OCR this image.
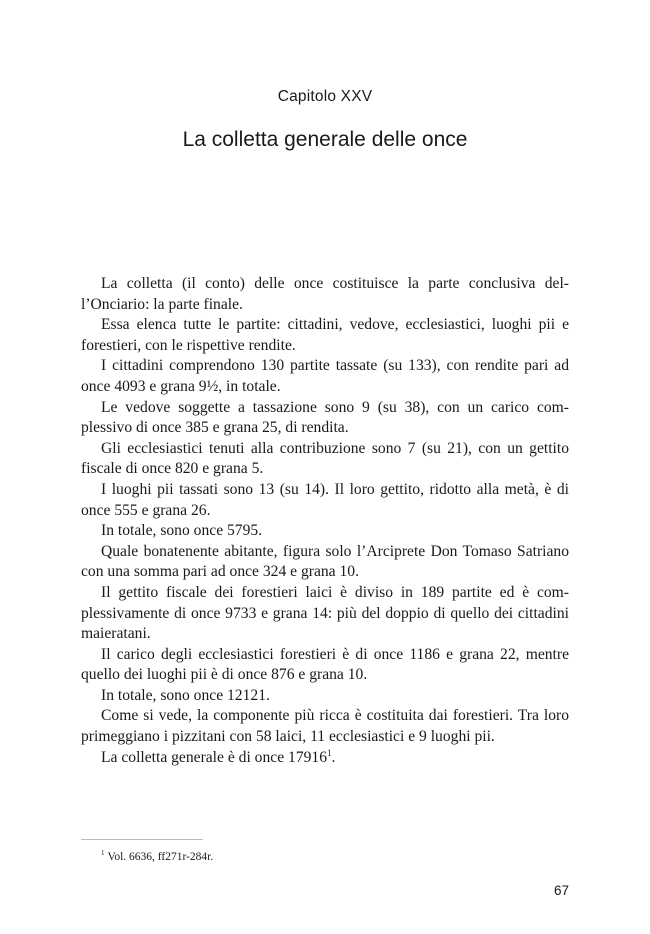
Capitolo XXV
La colletta generale delle once

La colletta (il conto) delle once costituisce la parte conclusiva del-l’Onciario: la parte finale.

Essa elenca tutte le partite: cittadini, vedove, ecclesiastici, luoghi pii e forestieri, con le rispettive rendite.

I cittadini comprendono 130 partite tassate (su 133), con rendite pari ad once 4093 e grana 9½, in totale.

Le vedove soggette a tassazione sono 9 (su 38), con un carico com-plessivo di once 385 e grana 25, di rendita.

Gli ecclesiastici tenuti alla contribuzione sono 7 (su 21), con un gettito fiscale di once 820 e grana 5.

I luoghi pii tassati sono 13 (su 14). Il loro gettito, ridotto alla metà, è di once 555 e grana 26.

In totale, sono once 5795.

Quale bonatenente abitante, figura solo l’Arciprete Don Tomaso Satriano con una somma pari ad once 324 e grana 10.

Il gettito fiscale dei forestieri laici è diviso in 189 partite ed è com-plessivamente di once 9733 e grana 14: più del doppio di quello dei cittadini maieratani.

Il carico degli ecclesiastici forestieri è di once 1186 e grana 22, mentre quello dei luoghi pii è di once 876 e grana 10.

In totale, sono once 12121.

Come si vede, la componente più ricca è costituita dai forestieri. Tra loro primeggiano i pizzitani con 58 laici, 11 ecclesiastici e 9 luoghi pii.

La colletta generale è di once 17916$^1$.

$^1$ Vol. 6636, ff271r-284r.
67
